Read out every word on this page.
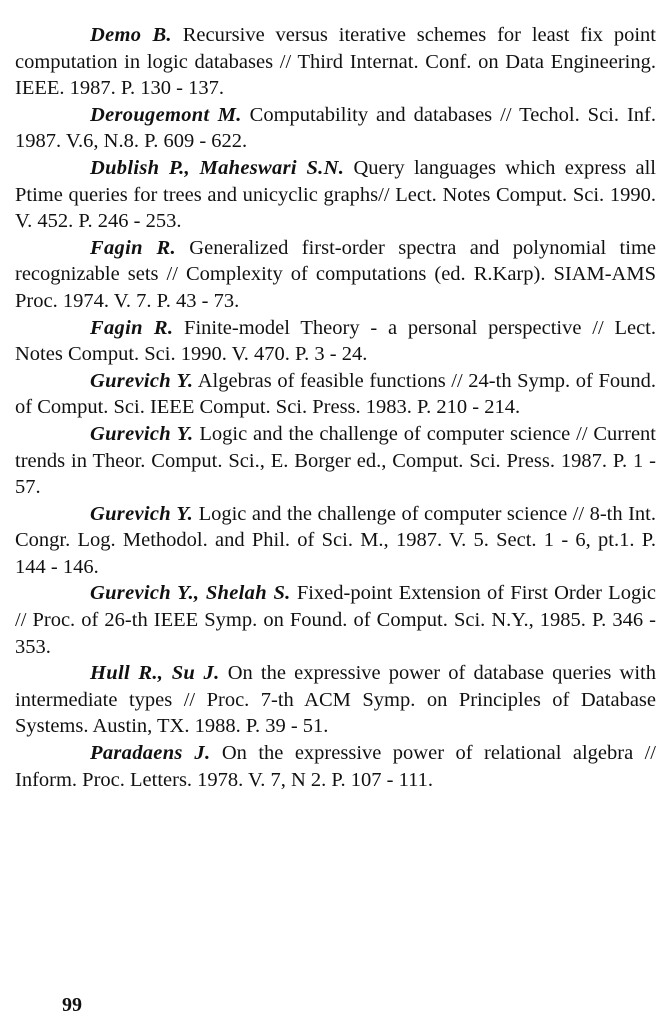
Demo B. Recursive versus iterative schemes for least fix point computation in logic databases // Third Internat. Conf. on Data Engineering. IEEE. 1987. P. 130 - 137.

Derougemont M. Computability and databases // Techol. Sci. Inf. 1987. V.6, N.8. P. 609 - 622.

Dublish P., Maheswari S.N. Query languages which express all Ptime queries for trees and unicyclic graphs// Lect. Notes Comput. Sci. 1990. V. 452. P. 246 - 253.

Fagin R. Generalized first-order spectra and polynomial time recognizable sets // Complexity of computations (ed. R.Karp). SIAM-AMS Proc. 1974. V. 7. P. 43 - 73.

Fagin R. Finite-model Theory - a personal perspective // Lect. Notes Comput. Sci. 1990. V. 470. P. 3 - 24.

Gurevich Y. Algebras of feasible functions // 24-th Symp. of Found. of Comput. Sci. IEEE Comput. Sci. Press. 1983. P. 210 - 214.

Gurevich Y. Logic and the challenge of computer science // Current trends in Theor. Comput. Sci., E. Borger ed., Comput. Sci. Press. 1987. P. 1 - 57.

Gurevich Y. Logic and the challenge of computer science // 8-th Int. Congr. Log. Methodol. and Phil. of Sci. M., 1987. V. 5. Sect. 1 - 6, pt.1. P. 144 - 146.

Gurevich Y., Shelah S. Fixed-point Extension of First Order Logic // Proc. of 26-th IEEE Symp. on Found. of Comput. Sci. N.Y., 1985. P. 346 - 353.

Hull R., Su J. On the expressive power of database queries with intermediate types // Proc. 7-th ACM Symp. on Principles of Database Systems. Austin, TX. 1988. P. 39 - 51.

Paradaens J. On the expressive power of relational algebra // Inform. Proc. Letters. 1978. V. 7, N 2. P. 107 - 111.

99
